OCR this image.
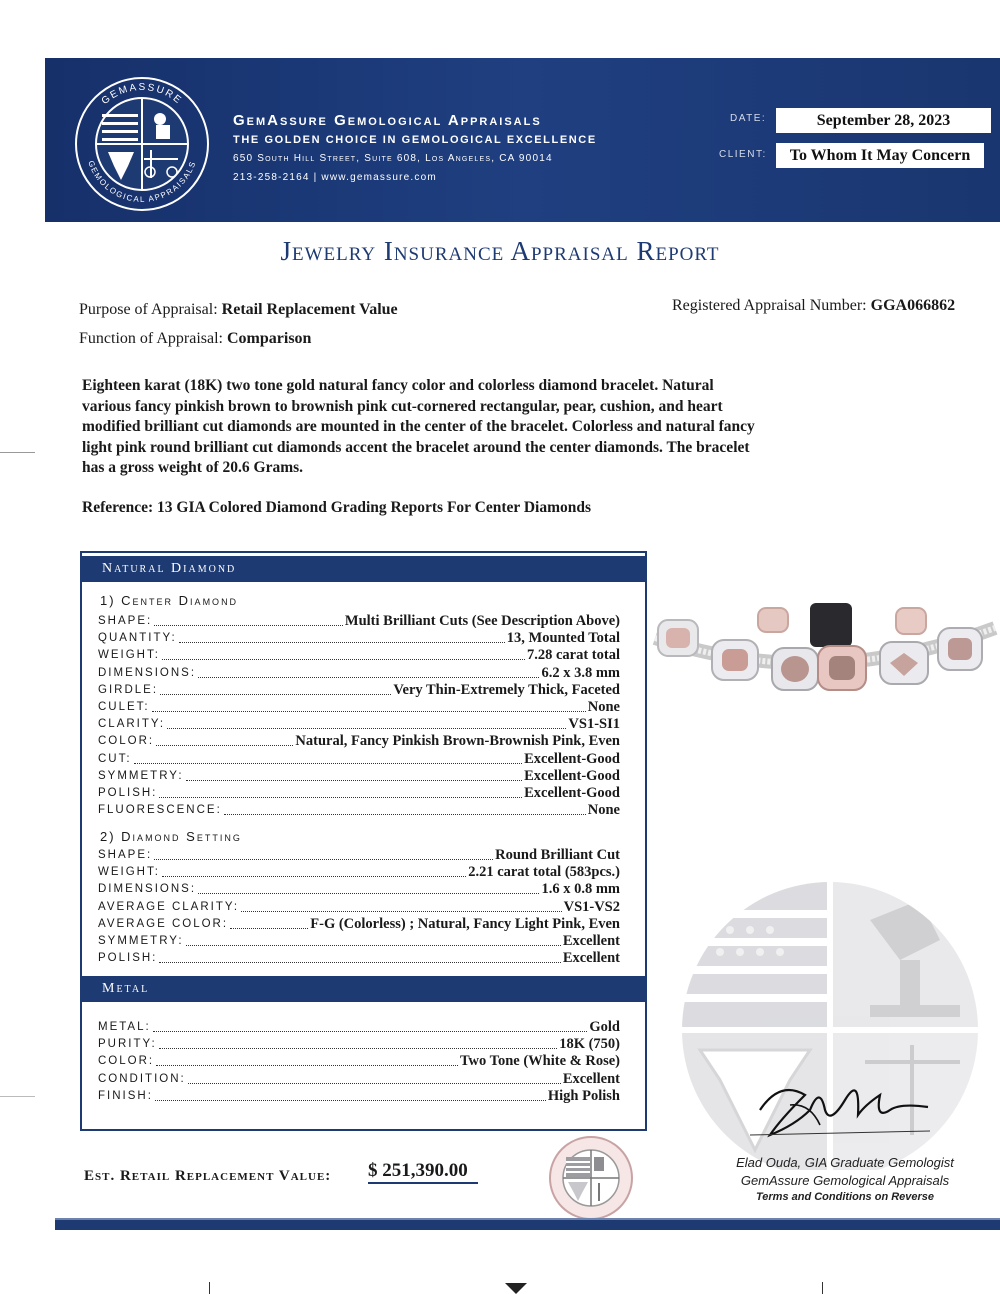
GEMASSURE
GEMOLOGICAL APPRAISALS
GemAssure Gemological Appraisals
THE GOLDEN CHOICE IN GEMOLOGICAL EXCELLENCE
650 South Hill Street, Suite 608, Los Angeles, CA 90014
213-258-2164 | www.gemassure.com
DATE:	September 28, 2023
CLIENT:	To Whom It May Concern
Jewelry Insurance Appraisal Report
Purpose of Appraisal: Retail Replacement Value
Function of Appraisal: Comparison
Registered Appraisal Number: GGA066862
Eighteen karat (18K) two tone gold natural fancy color and colorless diamond bracelet. Natural various fancy pinkish brown to brownish pink cut-cornered rectangular, pear, cushion, and heart modified brilliant cut diamonds are mounted in the center of the bracelet. Colorless and natural fancy light pink round brilliant cut diamonds accent the bracelet around the center diamonds. The bracelet has a gross weight of 20.6 Grams.
Reference: 13 GIA Colored Diamond Grading Reports For Center Diamonds
Natural Diamond
1) Center Diamond
SHAPE:	Multi Brilliant Cuts (See Description Above)
QUANTITY:	13, Mounted Total
WEIGHT:	7.28 carat total
DIMENSIONS:	6.2 x 3.8 mm
GIRDLE:	Very Thin-Extremely Thick, Faceted
CULET:	None
CLARITY:	VS1-SI1
COLOR:	Natural, Fancy Pinkish Brown-Brownish Pink, Even
CUT:	Excellent-Good
SYMMETRY:	Excellent-Good
POLISH:	Excellent-Good
FLUORESCENCE:	None
2) Diamond Setting
SHAPE:	Round Brilliant Cut
WEIGHT:	2.21 carat total (583pcs.)
DIMENSIONS:	1.6 x 0.8 mm
AVERAGE CLARITY:	VS1-VS2
AVERAGE COLOR:	F-G (Colorless) ; Natural, Fancy Light Pink, Even
SYMMETRY:	Excellent
POLISH:	Excellent
Metal
METAL:	Gold
PURITY:	18K (750)
COLOR:	Two Tone (White & Rose)
CONDITION:	Excellent
FINISH:	High Polish
Elad Ouda, GIA Graduate Gemologist
GemAssure Gemological Appraisals
Terms and Conditions on Reverse
Est. Retail Replacement Value: $ 251,390.00
